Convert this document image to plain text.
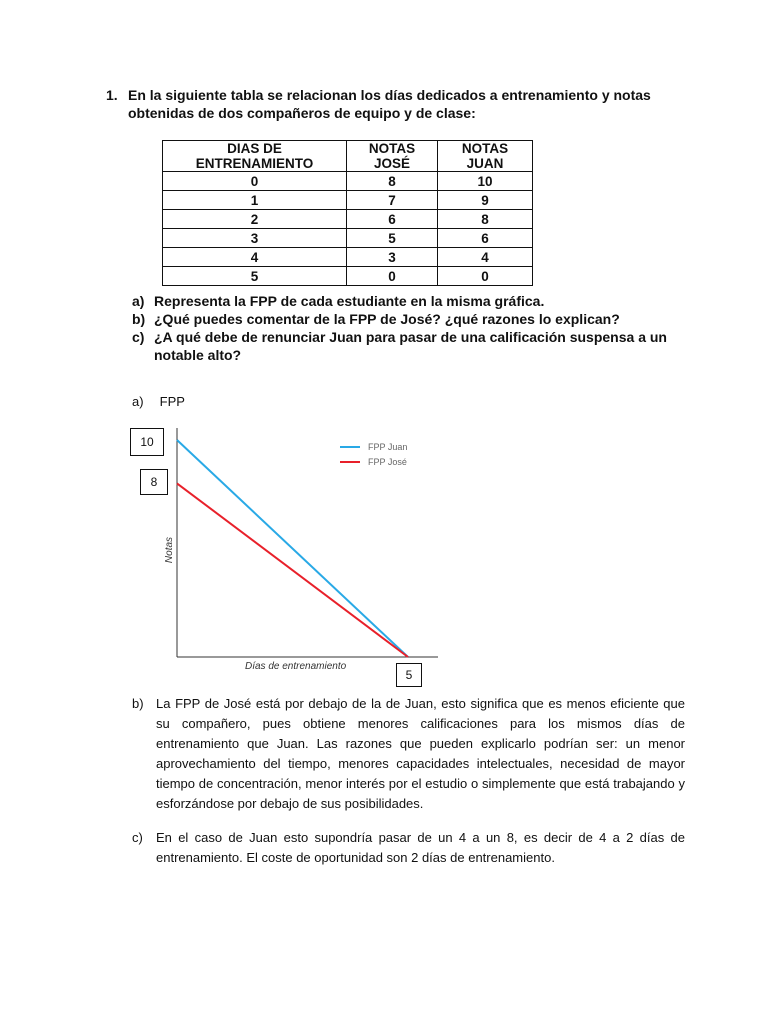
1. En la siguiente tabla se relacionan los días dedicados a entrenamiento y notas obtenidas de dos compañeros de equipo y de clase:
DIAS DE ENTRENAMIENTO	NOTAS JOSÉ	NOTAS JUAN
0	8	10
1	7	9
2	6	8
3	5	6
4	3	4
5	0	0
a) Representa la FPP de cada estudiante en la misma gráfica.
b) ¿Qué puedes comentar de la FPP de José? ¿qué razones lo explican?
c) ¿A qué debe de renunciar Juan para pasar de una calificación suspensa a un notable alto?
a) FPP
10
8
5
FPP Juan
FPP José
Notas
Días de entrenamiento
b) La FPP de José está por debajo de la de Juan, esto significa que es menos eficiente que su compañero, pues obtiene menores calificaciones para los mismos días de entrenamiento que Juan. Las razones que pueden explicarlo podrían ser: un menor aprovechamiento del tiempo, menores capacidades intelectuales, necesidad de mayor tiempo de concentración, menor interés por el estudio o simplemente que está trabajando y esforzándose por debajo de sus posibilidades.
c)	En el caso de Juan esto supondría pasar de un 4 a un 8, es decir de 4 a 2 días de entrenamiento. El coste de oportunidad son 2 días de entrenamiento.
